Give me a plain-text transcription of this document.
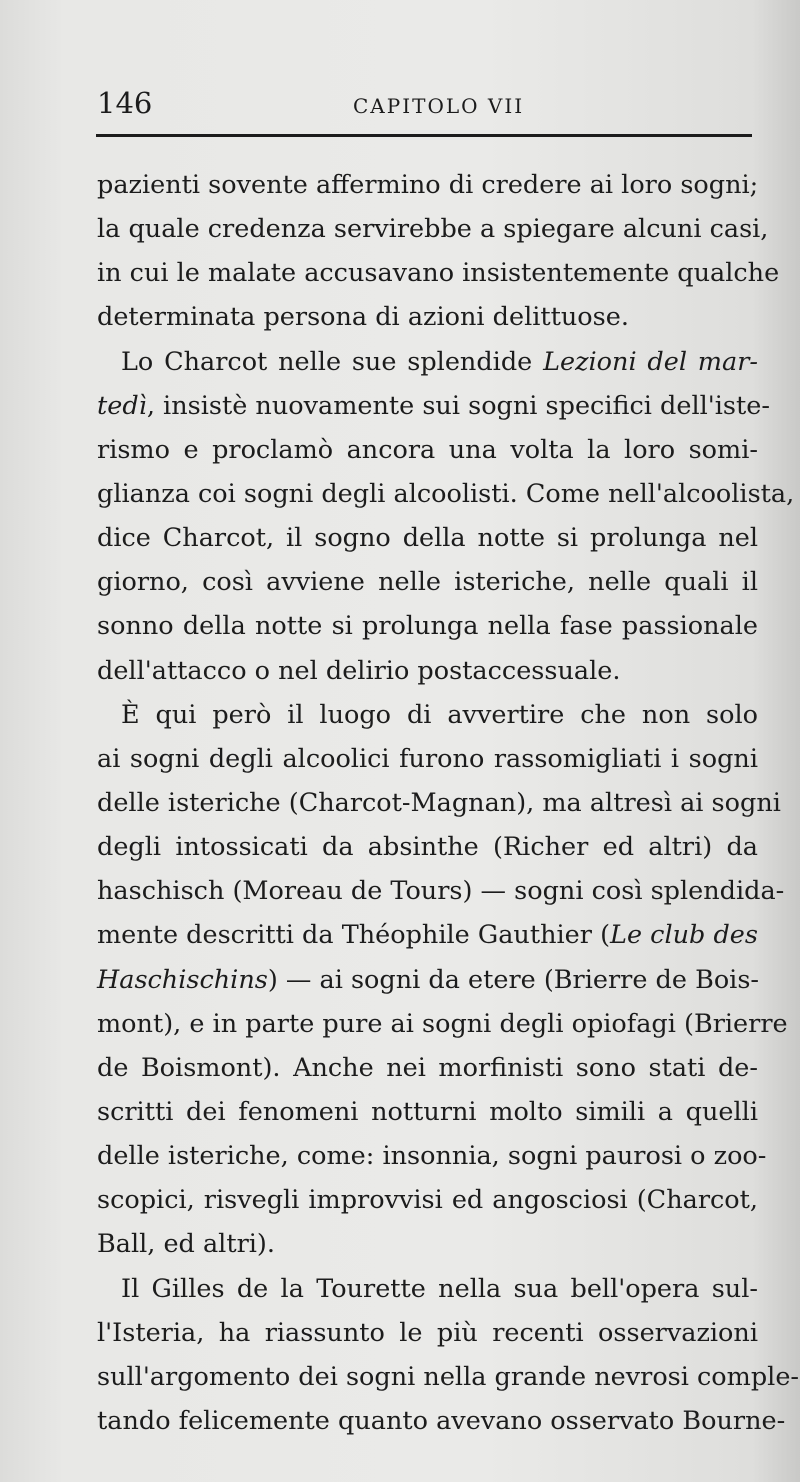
146	CAPITOLO VII
pazienti sovente affermino di credere ai loro sogni;
la quale credenza servirebbe a spiegare alcuni casi,
in cui le malate accusavano insistentemente qualche
determinata persona di azioni delittuose.
Lo Charcot nelle sue splendide Lezioni del mar-
tedì, insistè nuovamente sui sogni specifici dell'iste-
rismo e proclamò ancora una volta la loro somi-
glianza coi sogni degli alcoolisti. Come nell'alcoolista,
dice Charcot, il sogno della notte si prolunga nel
giorno, così avviene nelle isteriche, nelle quali il
sonno della notte si prolunga nella fase passionale
dell'attacco o nel delirio postaccessuale.
È qui però il luogo di avvertire che non solo
ai sogni degli alcoolici furono rassomigliati i sogni
delle isteriche (Charcot-Magnan), ma altresì ai sogni
degli intossicati da absinthe (Richer ed altri) da
haschisch (Moreau de Tours) — sogni così splendida-
mente descritti da Théophile Gauthier (Le club des
Haschischins) — ai sogni da etere (Brierre de Bois-
mont), e in parte pure ai sogni degli opiofagi (Brierre
de Boismont). Anche nei morfinisti sono stati de-
scritti dei fenomeni notturni molto simili a quelli
delle isteriche, come: insonnia, sogni paurosi o zoo-
scopici, risvegli improvvisi ed angosciosi (Charcot,
Ball, ed altri).
Il Gilles de la Tourette nella sua bell'opera sul-
l'Isteria, ha riassunto le più recenti osservazioni
sull'argomento dei sogni nella grande nevrosi comple-
tando felicemente quanto avevano osservato Bourne-
